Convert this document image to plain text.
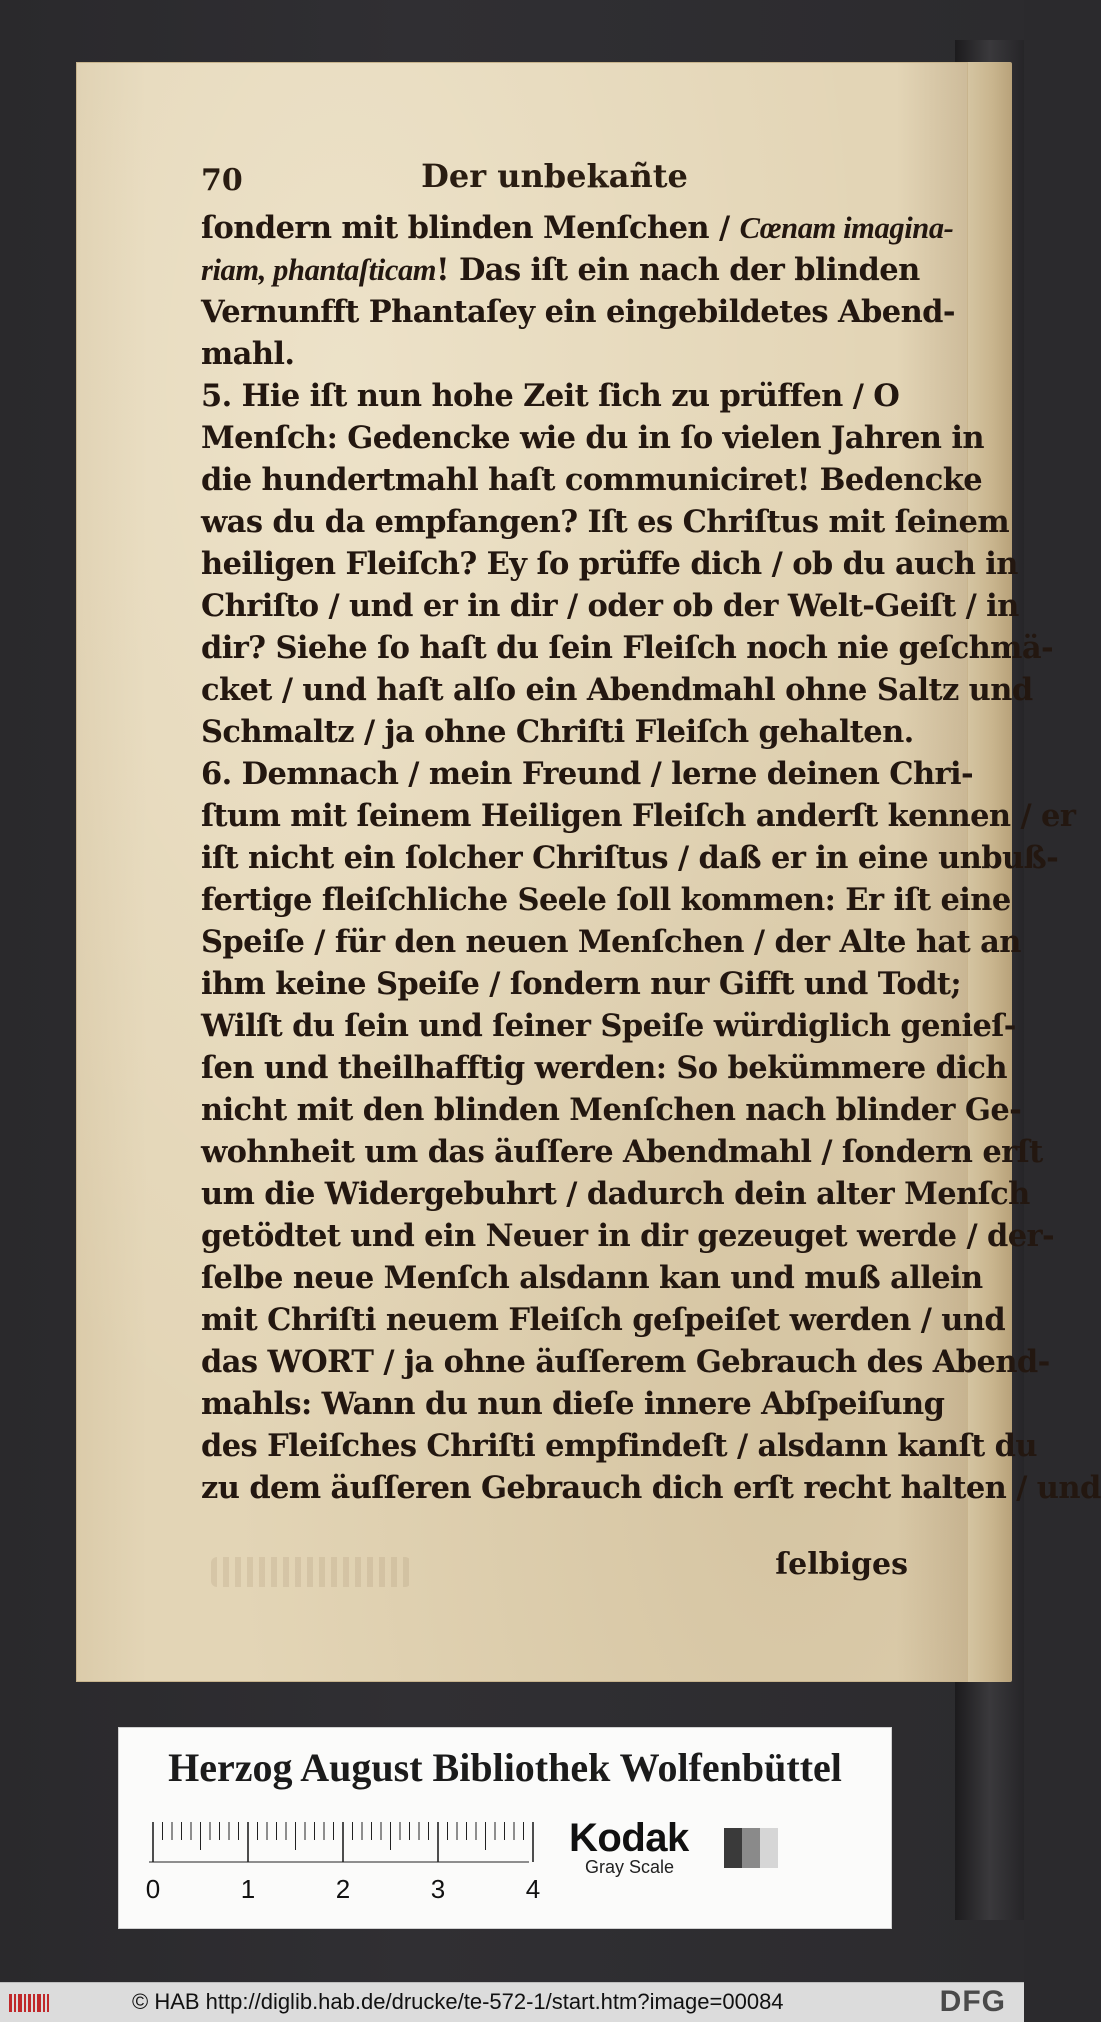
70	Der unbekañte
ſondern mit blinden Menſchen / Cœnam imagina-
riam, phantaſticam! Das iſt ein nach der blinden
Vernunfft Phantaſey ein eingebildetes Abend-
mahl.
5. Hie iſt nun hohe Zeit ſich zu prüffen / O
Menſch: Gedencke wie du in ſo vielen Jahren in
die hundertmahl haſt communiciret! Bedencke
was du da empfangen? Iſt es Chriſtus mit ſeinem
heiligen Fleiſch? Ey ſo prüffe dich / ob du auch in
Chriſto / und er in dir / oder ob der Welt-Geiſt / in
dir? Siehe ſo haſt du ſein Fleiſch noch nie geſchmä-
cket / und haſt alſo ein Abendmahl ohne Saltz und
Schmaltz / ja ohne Chriſti Fleiſch gehalten.
6. Demnach / mein Freund / lerne deinen Chri-
ſtum mit ſeinem Heiligen Fleiſch anderſt kennen / er
iſt nicht ein ſolcher Chriſtus / daß er in eine unbuß-
fertige fleiſchliche Seele ſoll kommen: Er iſt eine
Speiſe / für den neuen Menſchen / der Alte hat an
ihm keine Speiſe / ſondern nur Gifft und Todt;
Wilſt du ſein und ſeiner Speiſe würdiglich genieſ-
ſen und theilhafftig werden: So bekümmere dich
nicht mit den blinden Menſchen nach blinder Ge-
wohnheit um das äuſſere Abendmahl / ſondern erſt
um die Widergebuhrt / dadurch dein alter Menſch
getödtet und ein Neuer in dir gezeuget werde / der-
ſelbe neue Menſch alsdann kan und muß allein
mit Chriſti neuem Fleiſch geſpeiſet werden / und
das WORT / ja ohne äuſſerem Gebrauch des Abend-
mahls: Wann du nun dieſe innere Abſpeiſung
des Fleiſches Chriſti empfindeſt / alsdann kanſt du
zu dem äuſſeren Gebrauch dich erſt recht halten / und
ſelbiges
Herzog August Bibliothek Wolfenbüttel
0	1	2	3	4
Kodak
Gray Scale
© HAB http://diglib.hab.de/drucke/te-572-1/start.htm?image=00084	DFG
